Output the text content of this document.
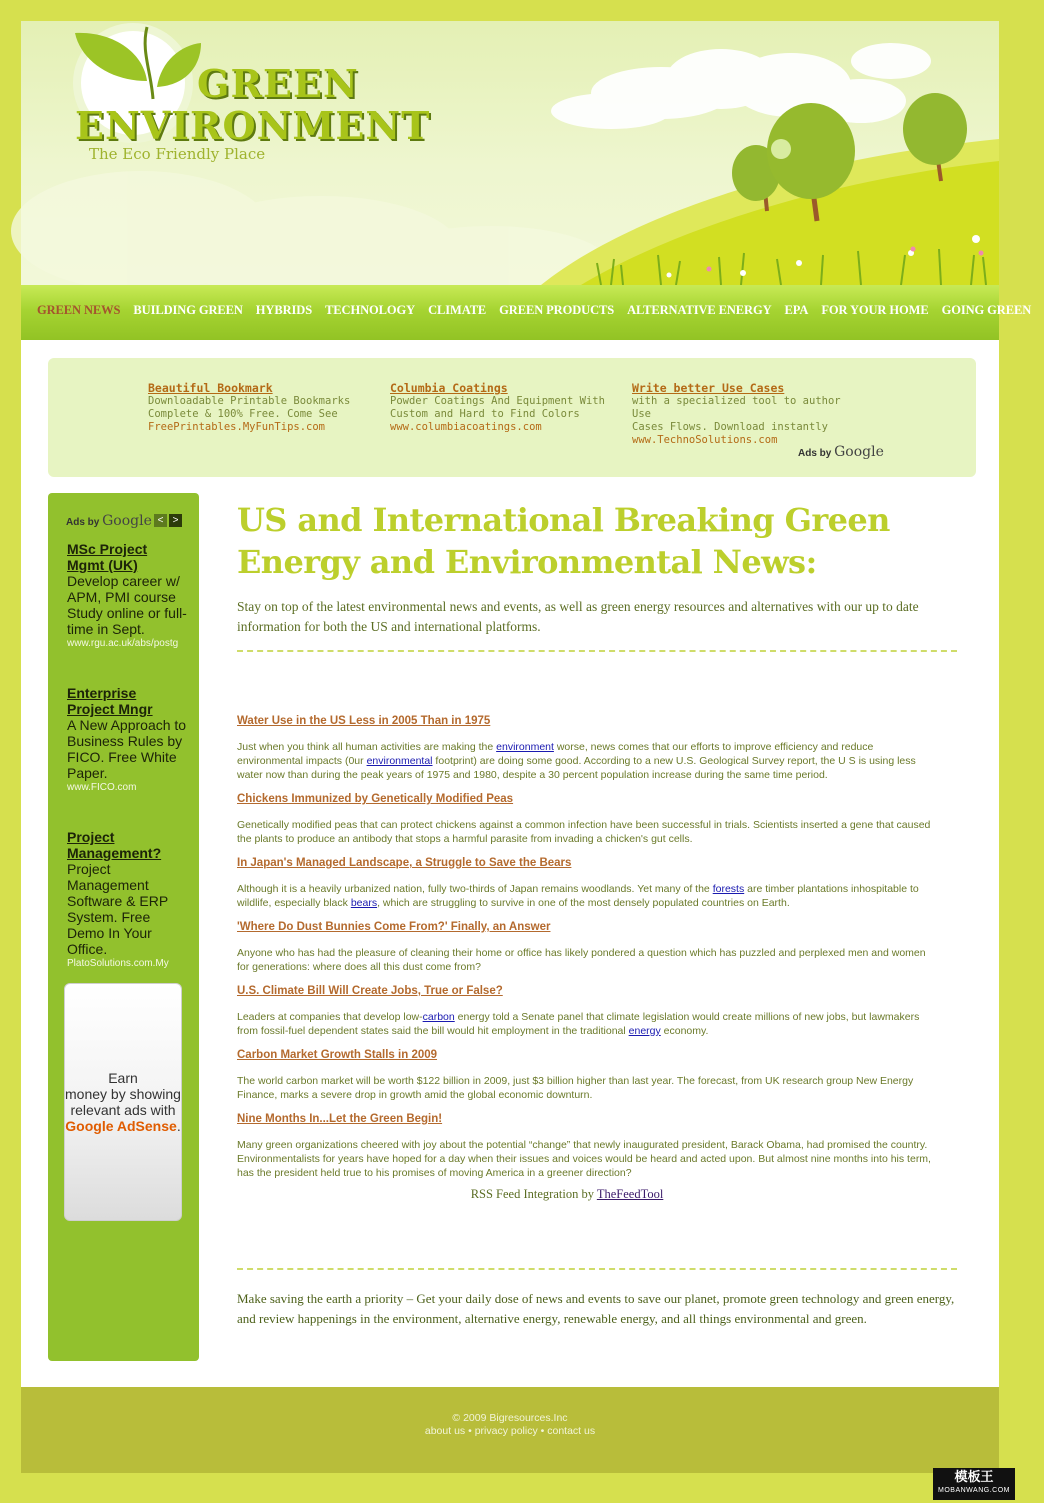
GREEN
ENVIRONMENT
The Eco Friendly Place
GREEN NEWS BUILDING GREEN HYBRIDS TECHNOLOGY CLIMATE GREEN PRODUCTS ALTERNATIVE ENERGY EPA FOR YOUR HOME GOING GREEN
Beautiful Bookmark
Downloadable Printable Bookmarks
Complete & 100% Free. Come See
FreePrintables.MyFunTips.com
Columbia Coatings
Powder Coatings And Equipment With
Custom and Hard to Find Colors
www.columbiacoatings.com
Write better Use Cases
with a specialized tool to author Use
Cases Flows. Download instantly
www.TechnoSolutions.com
Ads by Google
Ads by Google < >
MSc Project Mgmt (UK)
Develop career w/ APM, PMI course Study online or full-time in Sept.
www.rgu.ac.uk/abs/postg
Enterprise Project Mngr
A New Approach to Business Rules by FICO. Free White Paper.
www.FICO.com
Project Management?
Project Management Software & ERP System. Free Demo In Your Office.
PlatoSolutions.com.My
Earn
money by showing
relevant ads with
Google AdSense.
US and International Breaking Green Energy and Environmental News:

Stay on top of the latest environmental news and events, as well as green energy resources and alternatives with our up to date information for both the US and international platforms.

Water Use in the US Less in 2005 Than in 1975
Just when you think all human activities are making the environment worse, news comes that our efforts to improve efficiency and reduce environmental impacts (0ur environmental footprint) are doing some good. According to a new U.S. Geological Survey report, the U S is using less water now than during the peak years of 1975 and 1980, despite a 30 percent population increase during the same time period.
Chickens Immunized by Genetically Modified Peas
Genetically modified peas that can protect chickens against a common infection have been successful in trials. Scientists inserted a gene that caused the plants to produce an antibody that stops a harmful parasite from invading a chicken's gut cells.
In Japan's Managed Landscape, a Struggle to Save the Bears
Although it is a heavily urbanized nation, fully two-thirds of Japan remains woodlands. Yet many of the forests are timber plantations inhospitable to wildlife, especially black bears, which are struggling to survive in one of the most densely populated countries on Earth.
'Where Do Dust Bunnies Come From?' Finally, an Answer
Anyone who has had the pleasure of cleaning their home or office has likely pondered a question which has puzzled and perplexed men and women for generations: where does all this dust come from?
U.S. Climate Bill Will Create Jobs, True or False?
Leaders at companies that develop low-carbon energy told a Senate panel that climate legislation would create millions of new jobs, but lawmakers from fossil-fuel dependent states said the bill would hit employment in the traditional energy economy.
Carbon Market Growth Stalls in 2009
The world carbon market will be worth $122 billion in 2009, just $3 billion higher than last year. The forecast, from UK research group New Energy Finance, marks a severe drop in growth amid the global economic downturn.
Nine Months In...Let the Green Begin!
Many green organizations cheered with joy about the potential “change” that newly inaugurated president, Barack Obama, had promised the country. Environmentalists for years have hoped for a day when their issues and voices would be heard and acted upon. But almost nine months into his term, has the president held true to his promises of moving America in a greener direction?
RSS Feed Integration by TheFeedTool

Make saving the earth a priority – Get your daily dose of news and events to save our planet, promote green technology and green energy, and review happenings in the environment, alternative energy, renewable energy, and all things environmental and green.

© 2009 Bigresources.Inc
about us • privacy policy • contact us
模板王
MOBANWANG.COM
